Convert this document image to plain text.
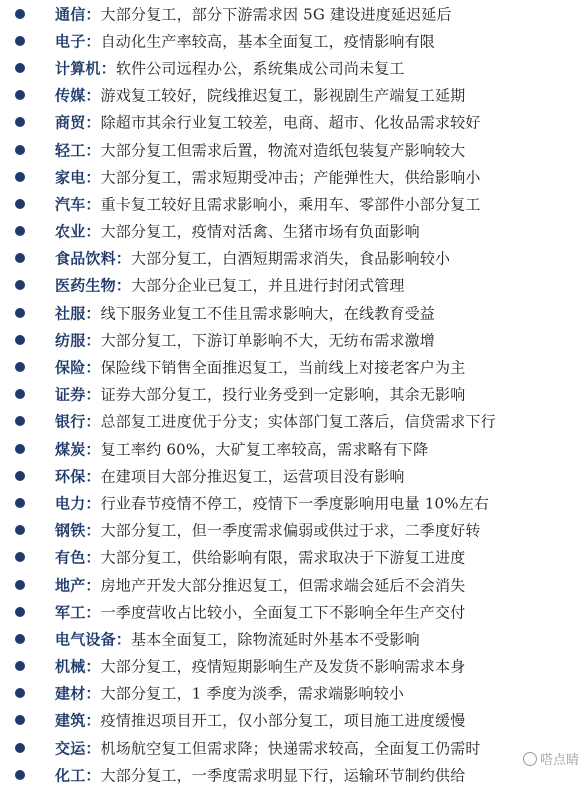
通信：大部分复工，部分下游需求因 5G 建设进度延迟延后
电子：自动化生产率较高，基本全面复工，疫情影响有限
计算机：软件公司远程办公，系统集成公司尚未复工
传媒：游戏复工较好，院线推迟复工，影视剧生产端复工延期
商贸：除超市其余行业复工较差，电商、超市、化妆品需求较好
轻工：大部分复工但需求后置，物流对造纸包装复产影响较大
家电：大部分复工，需求短期受冲击；产能弹性大，供给影响小
汽车：重卡复工较好且需求影响小，乘用车、零部件小部分复工
农业：大部分复工，疫情对活禽、生猪市场有负面影响
食品饮料：大部分复工，白酒短期需求消失，食品影响较小
医药生物：大部分企业已复工，并且进行封闭式管理
社服：线下服务业复工不佳且需求影响大，在线教育受益
纺服：大部分复工，下游订单影响不大，无纺布需求激增
保险：保险线下销售全面推迟复工，当前线上对接老客户为主
证券：证券大部分复工，投行业务受到一定影响，其余无影响
银行：总部复工进度优于分支；实体部门复工落后，信贷需求下行
煤炭：复工率约 60%，大矿复工率较高，需求略有下降
环保：在建项目大部分推迟复工，运营项目没有影响
电力：行业春节疫情不停工，疫情下一季度影响用电量 10%左右
钢铁：大部分复工，但一季度需求偏弱或供过于求，二季度好转
有色：大部分复工，供给影响有限，需求取决于下游复工进度
地产：房地产开发大部分推迟复工，但需求端会延后不会消失
军工：一季度营收占比较小，全面复工下不影响全年生产交付
电气设备：基本全面复工，除物流延时外基本不受影响
机械：大部分复工，疫情短期影响生产及发货不影响需求本身
建材：大部分复工，1 季度为淡季，需求端影响较小
建筑：疫情推迟项目开工，仅小部分复工，项目施工进度缓慢
交运：机场航空复工但需求降；快递需求较高，全面复工仍需时
化工：大部分复工，一季度需求明显下行，运输环节制约供给
嗒点睛
